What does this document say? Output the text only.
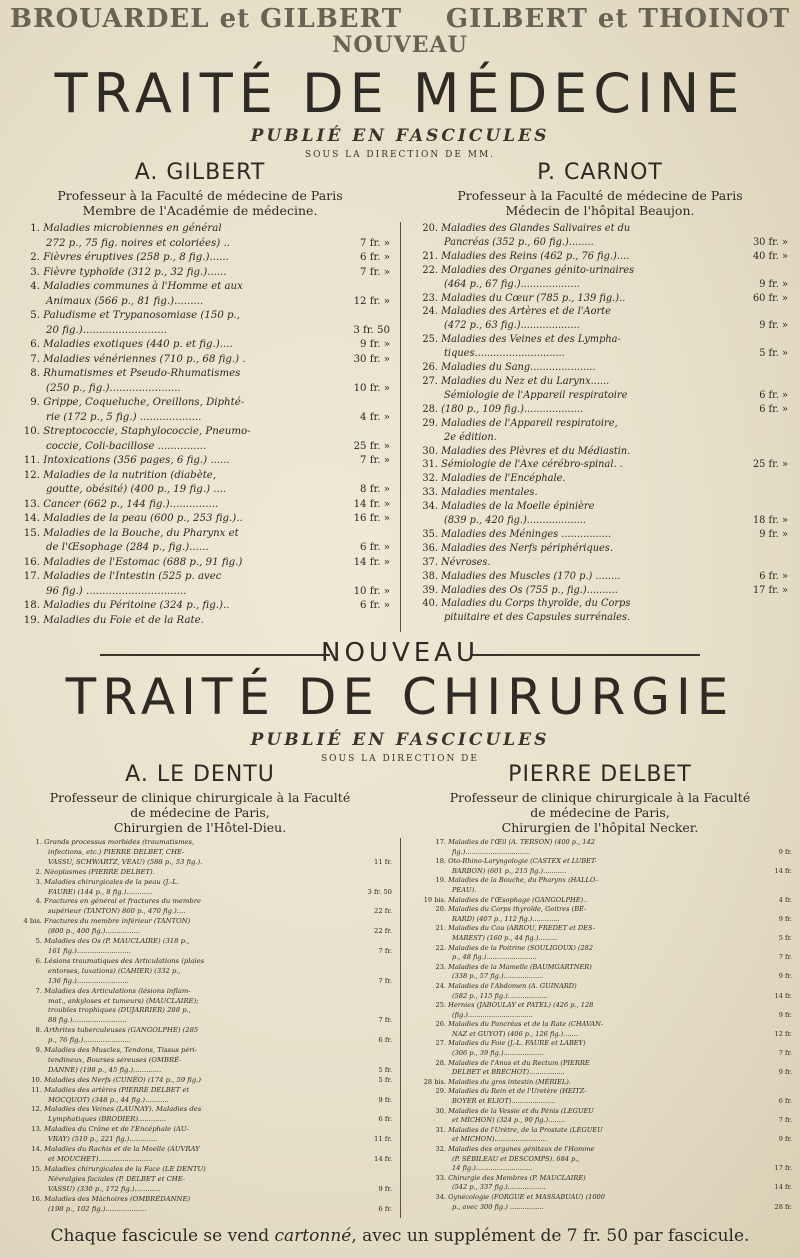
BROUARDEL et GILBERT GILBERT et THOINOT
NOUVEAU
TRAITÉ DE MÉDECINE
PUBLIÉ EN FASCICULES
SOUS LA DIRECTION DE MM.
A. GILBERT	P. CARNOT
Professeur à la Faculté de médecine de Paris
Membre de l'Académie de médecine.
Professeur à la Faculté de médecine de Paris
Médecin de l'hôpital Beaujon.
1. Maladies microbiennes en général
272 p., 75 fig. noires et coloriées) ..	7 fr. »
2. Fièvres éruptives (258 p., 8 fig.)......	6 fr. »
3. Fièvre typhoïde (312 p., 32 fig.)......	7 fr. »
4. Maladies communes à l'Homme et aux
Animaux (566 p., 81 fig.).........	12 fr. »
5. Paludisme et Trypanosomiase (150 p.,
20 fig.)..........................	3 fr. 50
6. Maladies exotiques (440 p. et fig.)....	9 fr. »
7. Maladies vénériennes (710 p., 68 fig.) .	30 fr. »
8. Rhumatismes et Pseudo-Rhumatismes
(250 p., fig.)......................	10 fr. »
9. Grippe, Coqueluche, Oreillons, Diphté-
rie (172 p., 5 fig.) ...................	4 fr. »
10. Streptococcie, Staphylococcie, Pneumo-
coccie, Coli-bacillose ...............	25 fr. »
11. Intoxications (356 pages, 6 fig.) ......	7 fr. »
12. Maladies de la nutrition (diabète,
goutte, obésité) (400 p., 19 fig.) ....	8 fr. »
13. Cancer (662 p., 144 fig.)...............	14 fr. »
14. Maladies de la peau (600 p., 253 fig.)..	16 fr. »
15. Maladies de la Bouche, du Pharynx et
de l'Œsophage (284 p., fig.)......	6 fr. »
16. Maladies de l'Estomac (688 p., 91 fig.)	14 fr. »
17. Maladies de l'Intestin (525 p. avec
96 fig.) ...............................	10 fr. »
18. Maladies du Péritoine (324 p., fig.)..	6 fr. »
19. Maladies du Foie et de la Rate.
20. Maladies des Glandes Salivaires et du
Pancréas (352 p., 60 fig.)........	30 fr. »
21. Maladies des Reins (462 p., 76 fig.)....	40 fr. »
22. Maladies des Organes génito-urinaires
(464 p., 67 fig.)...................	9 fr. »
23. Maladies du Cœur (785 p., 139 fig.)..	60 fr. »
24. Maladies des Artères et de l'Aorte
(472 p., 63 fig.)...................	9 fr. »
25. Maladies des Veines et des Lympha-
tiques.............................	5 fr. »
26. Maladies du Sang.....................
27. Maladies du Nez et du Larynx......
Sémiologie de l'Appareil respiratoire	6 fr. »
28. (180 p., 109 fig.)...................	6 fr. »
29. Maladies de l'Appareil respiratoire,
2e édition.
30. Maladies des Plèvres et du Médiastin.
31. Sémiologie de l'Axe cérébro-spinal. .	25 fr. »
32. Maladies de l'Encéphale.
33. Maladies mentales.
34. Maladies de la Moelle épinière
(839 p., 420 fig.)...................	18 fr. »
35. Maladies des Méninges ................	9 fr. »
36. Maladies des Nerfs périphériques.
37. Névroses.
38. Maladies des Muscles (170 p.) ........	6 fr. »
39. Maladies des Os (755 p., fig.)..........	17 fr. »
40. Maladies du Corps thyroïde, du Corps
pituitaire et des Capsules surrénales.
NOUVEAU
TRAITÉ DE CHIRURGIE
PUBLIÉ EN FASCICULES
SOUS LA DIRECTION DE
A. LE DENTU	PIERRE DELBET
Professeur de clinique chirurgicale à la Faculté
de médecine de Paris,
Chirurgien de l'Hôtel-Dieu.
Professeur de clinique chirurgicale à la Faculté
de médecine de Paris,
Chirurgien de l'hôpital Necker.
1. Grands processus morbides (traumatismes,
infections, etc.) PIERRE DELBET, CHE-
VASSU, SCHWARTZ, VEAU) (588 p., 53 fig.).	11 fr.
2. Néoplasmes (PIERRE DELBET).
3. Maladies chirurgicales de la peau (J.-L.
FAURE) (144 p., 8 fig.)............	3 fr. 50
4. Fractures en général et fractures du membre
supérieur (TANTON) 860 p., 470 fig.)....	22 fr.
4 bis. Fractures du membre inférieur (TANTON)
(800 p., 400 fig.)................	22 fr.
5. Maladies des Os (P. MAUCLAIRE) (318 p.,
161 fig.).........................	7 fr.
6. Lésions traumatiques des Articulations (plaies
entorses, luxations) (CAHIER) (332 p.,
136 fig.)........................	7 fr.
7. Maladies des Articulations (lésions inflam-
mat., ankyloses et tumeurs) (MAUCLAIRE);
troubles trophiques (DUJARRIER) 288 p.,
88 fig.).........................	7 fr.
8. Arthrites tuberculeuses (GANGOLPHE) (285
p., 76 fig.)......................	6 fr.
9. Maladies des Muscles, Tendons, Tissus péri-
tendineux, Bourses séreuses (OMBRÉ-
DANNE) (198 p., 45 fig.).............	5 fr.
10. Maladies des Nerfs (CUNÉO) (174 p., 59 fig.)	5 fr.
11. Maladies des artères (PIERRE DELBET et
MOCQUOT) (348 p., 44 fig.)...........	9 fr.
12. Maladies des Veines (LAUNAY). Maladies des
Lymphatiques (BRODIER).............	6 fr.
13. Maladies du Crâne et de l'Encéphale (AU-
VRAY) (510 p., 221 fig.).............	11 fr.
14. Maladies du Rachis et de la Moelle (AUVRAY
et MOUCHET).........................	14 fr.
15. Maladies chirurgicales de la Face (LE DENTU)
Névralgies faciales (P. DELBET et CHE-
VASSU) (330 p., 172 fig.)............	9 fr.
16. Maladies des Mâchoires (OMBRÉDANNE)
(198 p., 102 fig.)...................	6 fr.
17. Maladies de l'Œil (A. TERSON) (400 p., 142
fig.)...............................	9 fr.
18. Oto-Rhino-Laryngologie (CASTEX et LUBET-
BARBON) (601 p., 215 fig.)...........	14 fr.
19. Maladies de la Bouche, du Pharynx (HALLO-
PEAU).
19 bis. Maladies de l'Œsophage (GANGOLPHE)..	4 fr.
20. Maladies du Corps thyroïde, Goitres (BÉ-
RARD) (407 p., 112 fig.).............	9 fr.
21. Maladies du Cou (ARROU, FREDET et DES-
MAREST) (160 p., 44 fig.).........	5 fr.
22. Maladies de la Poitrine (SOULIGOUX) (282
p., 48 fig.)........................	7 fr.
23. Maladies de la Mamelle (BAUMGARTNER)
(338 p., 57 fig.)...................	9 fr.
24. Maladies de l'Abdomen (A. GUINARD)
(582 p., 115 fig.)...................	14 fr.
25. Hernies (JABOULAY et PATEL) (426 p., 128
(fig.)...............................	9 fr.
26. Maladies du Pancréas et de la Rate (CHAVAN-
NAZ et GUYOT) (406 p., 126 fig.).......	12 fr.
27. Maladies du Foie (J.-L. FAURE et LABEY)
(306 p., 39 fig.)...................	7 fr.
28. Maladies de l'Anus et du Rectum (PIERRE
DELBET et BRÉCHOT).................	9 fr.
28 bis. Maladies du gros intestin (MÉRIEL).
29. Maladies du Rein et de l'Uretère (HEITZ-
BOYER et ELIOT).....................	6 fr.
30. Maladies de la Vessie et du Pénis (LEGUEU
et MICHON) (324 p., 90 fig.)........	7 fr.
31. Maladies de l'Urètre, de la Prostate (LEGUEU
et MICHON).........................	9 fr.
32. Maladies des organes génitaux de l'Homme
(P. SÉBILEAU et DESCOMPS). 684 p.,
14 fig.)...........................	17 fr.
33. Chirurgie des Membres (P. MAUCLAIRE)
(542 p., 337 fig.)..................	14 fr.
34. Gynécologie (FORGUE et MASSABUAU) (1000
p., avec 300 fig.) ................	28 fr.
Chaque fascicule se vend cartonné, avec un supplément de 7 fr. 50 par fascicule.
